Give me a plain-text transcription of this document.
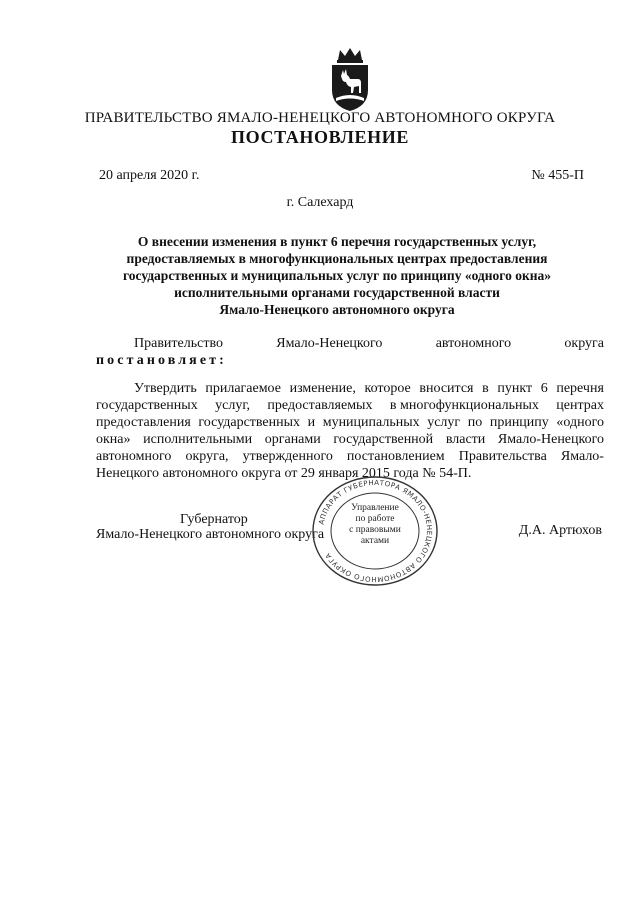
ПРАВИТЕЛЬСТВО ЯМАЛО-НЕНЕЦКОГО АВТОНОМНОГО ОКРУГА
ПОСТАНОВЛЕНИЕ
20 апреля 2020 г.	№ 455-П
г. Салехард
О внесении изменения в пункт 6 перечня государственных услуг,
предоставляемых в многофункциональных центрах предоставления
государственных и муниципальных услуг по принципу «одного окна»
исполнительными органами государственной власти
Ямало-Ненецкого автономного округа
Правительство	Ямало-Ненецкого	автономного	округа
постановляет:
Утвердить прилагаемое изменение, которое вносится в пункт 6 перечня
государственных услуг, предоставляемых в многофункциональных центрах
предоставления государственных и муниципальных услуг по принципу «одного
окна» исполнительными органами государственной власти Ямало-Ненецкого
автономного округа, утвержденного постановлением Правительства Ямало-
Ненецкого автономного округа от 29 января 2015 года № 54-П.
Губернатор
Ямало-Ненецкого автономного округа	Д.А. Артюхов
АППАРАТ ГУБЕРНАТОРА ЯМАЛО-НЕНЕЦКОГО АВТОНОМНОГО ОКРУГА
Управление
по работе
с правовыми
актами
